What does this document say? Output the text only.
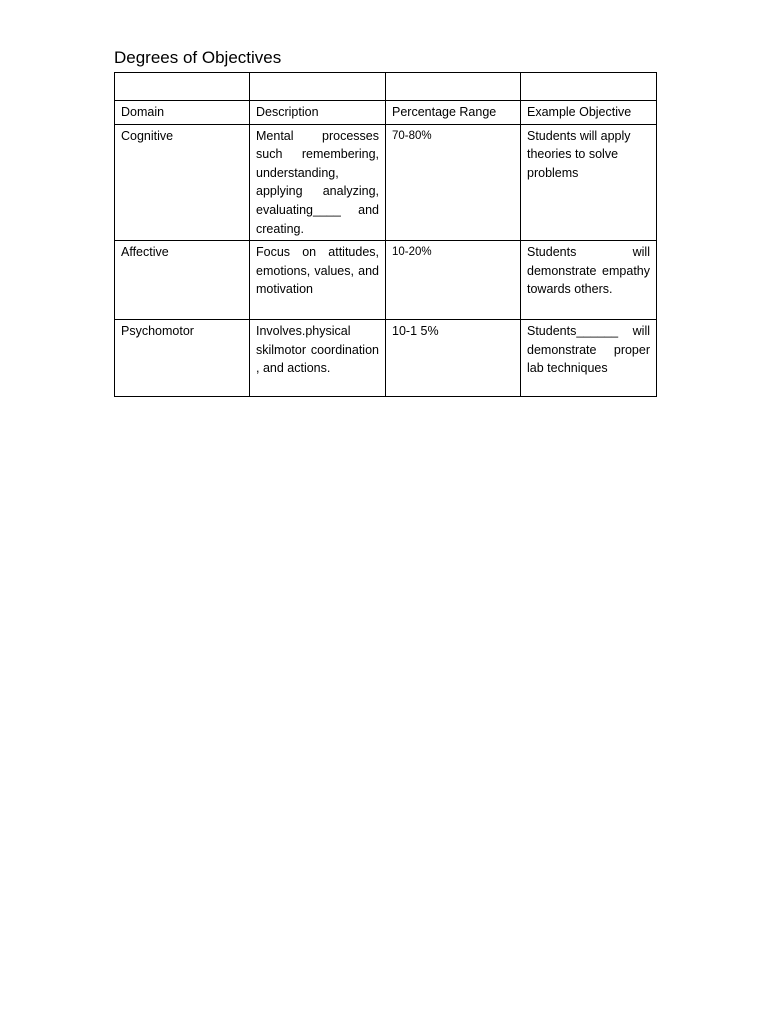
Degrees of Objectives

Domain	Description	Percentage Range	Example Objective
Cognitive	Mental processes such remembering, understanding, applying analyzing, evaluating____ and creating.	70-80%	Students will apply theories to solve problems
Affective	Focus on attitudes, emotions, values, and motivation	10-20%	Students will demonstrate empathy towards others.
Psychomotor	Involves.physical skilmotor coordination , and actions.	10-1 5%	Students______ will demonstrate proper lab techniques
